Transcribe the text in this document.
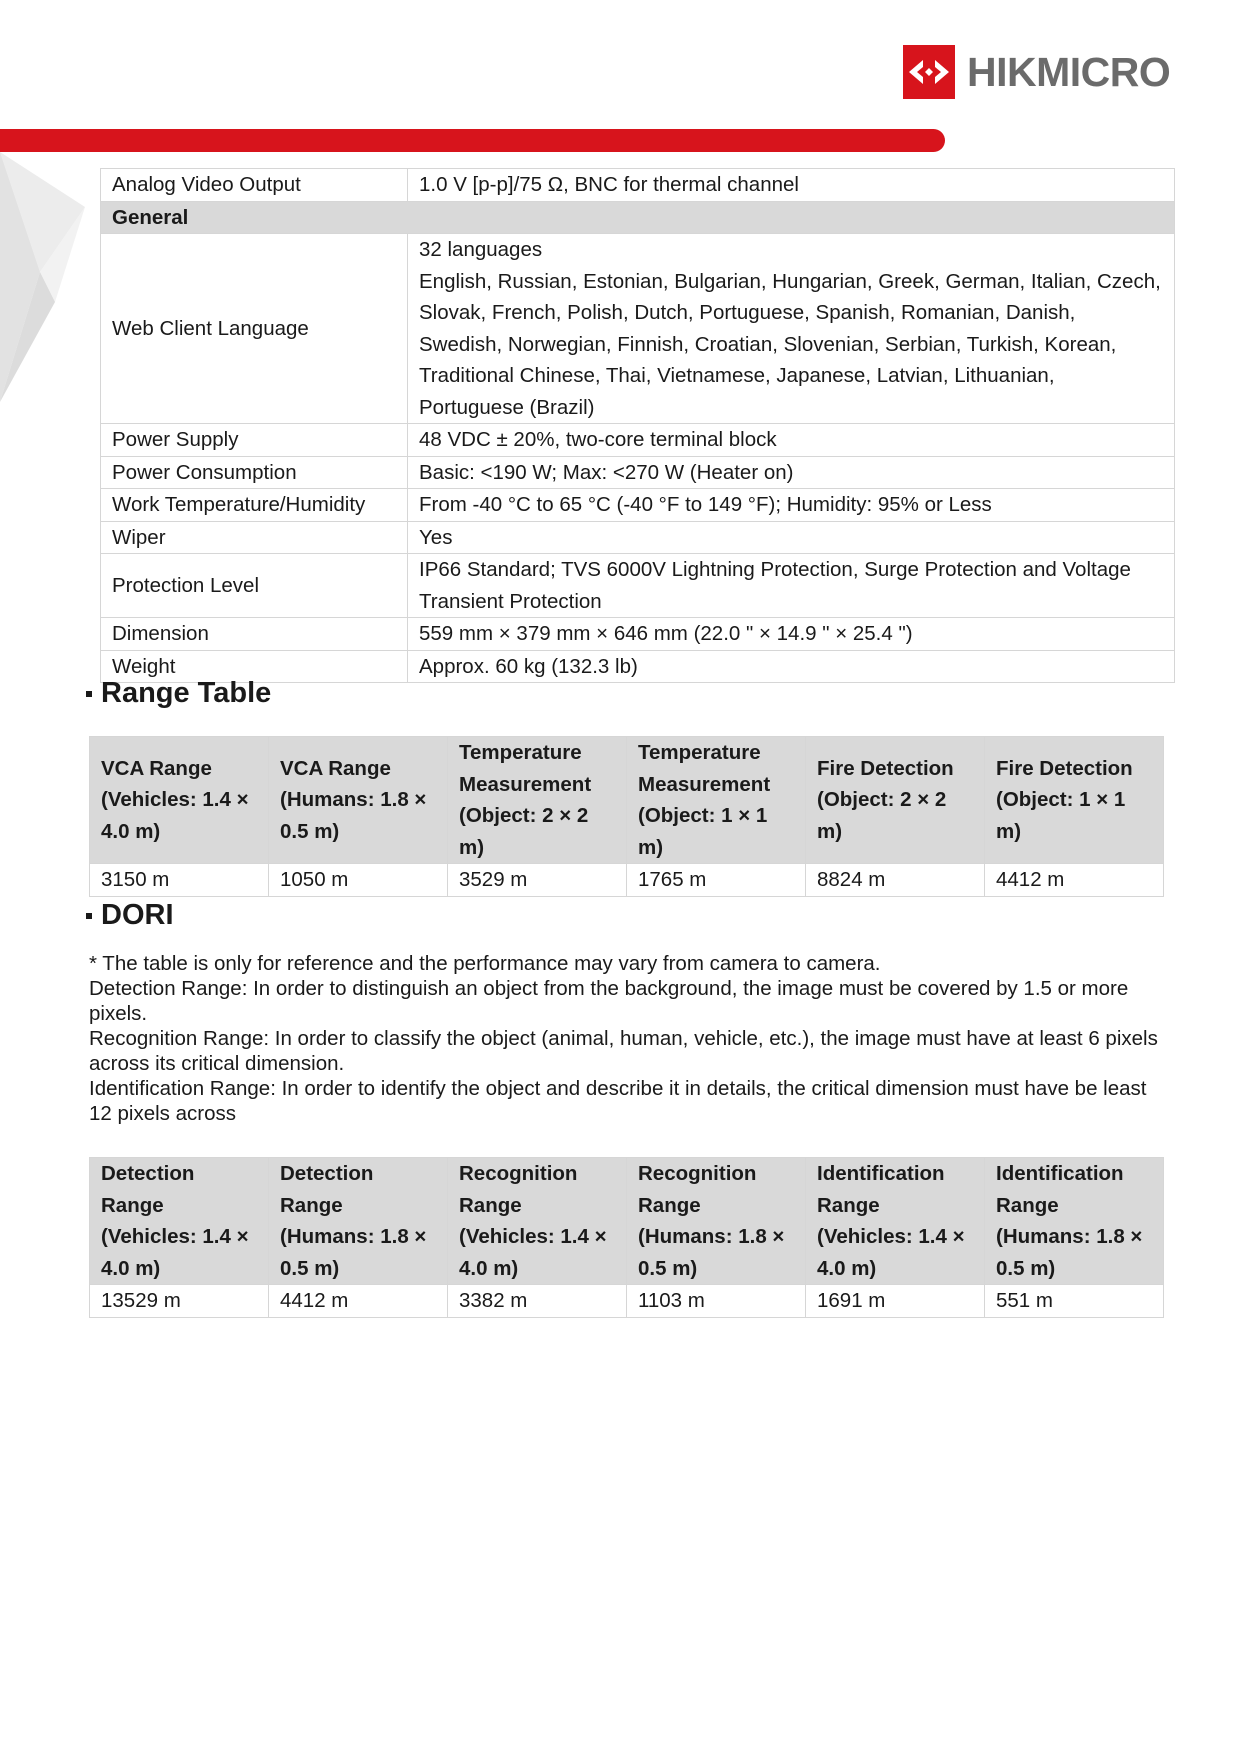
HIKMICRO
Analog Video Output	1.0 V [p-p]/75 Ω, BNC for thermal channel

General	
Web Client Language	32 languages
English, Russian, Estonian, Bulgarian, Hungarian, Greek, German, Italian, Czech, Slovak, French, Polish, Dutch, Portuguese, Spanish, Romanian, Danish, Swedish, Norwegian, Finnish, Croatian, Slovenian, Serbian, Turkish, Korean, Traditional Chinese, Thai, Vietnamese, Japanese, Latvian, Lithuanian, Portuguese (Brazil)

Power Supply	48 VDC ± 20%, two-core terminal block

Power Consumption	Basic: <190 W; Max: <270 W (Heater on)

Work Temperature/Humidity	From -40 °C to 65 °C (-40 °F to 149 °F); Humidity: 95% or Less

Wiper	Yes

Protection Level	IP66 Standard; TVS 6000V Lightning Protection, Surge Protection and Voltage Transient Protection

Dimension	559 mm × 379 mm × 646 mm (22.0 " × 14.9 " × 25.4 ")

Weight	Approx. 60 kg (132.3 lb)
Range Table
VCA Range (Vehicles: 1.4 × 4.0 m)	VCA Range (Humans: 1.8 × 0.5 m)	Temperature Measurement (Object: 2 × 2 m)	Temperature Measurement (Object: 1 × 1 m)	Fire Detection (Object: 2 × 2 m)	Fire Detection (Object: 1 × 1 m)
3150 m	1050 m	3529 m	1765 m	8824 m	4412 m
DORI

* The table is only for reference and the performance may vary from camera to camera.

Detection Range: In order to distinguish an object from the background, the image must be covered by 1.5 or more pixels.

Recognition Range: In order to classify the object (animal, human, vehicle, etc.), the image must have at least 6 pixels across its critical dimension.

Identification Range: In order to identify the object and describe it in details, the critical dimension must have be least 12 pixels across

Detection Range (Vehicles: 1.4 × 4.0 m)	Detection Range (Humans: 1.8 × 0.5 m)	Recognition Range (Vehicles: 1.4 × 4.0 m)	Recognition Range (Humans: 1.8 × 0.5 m)	Identification Range (Vehicles: 1.4 × 4.0 m)	Identification Range (Humans: 1.8 × 0.5 m)
13529 m	4412 m	3382 m	1103 m	1691 m	551 m
